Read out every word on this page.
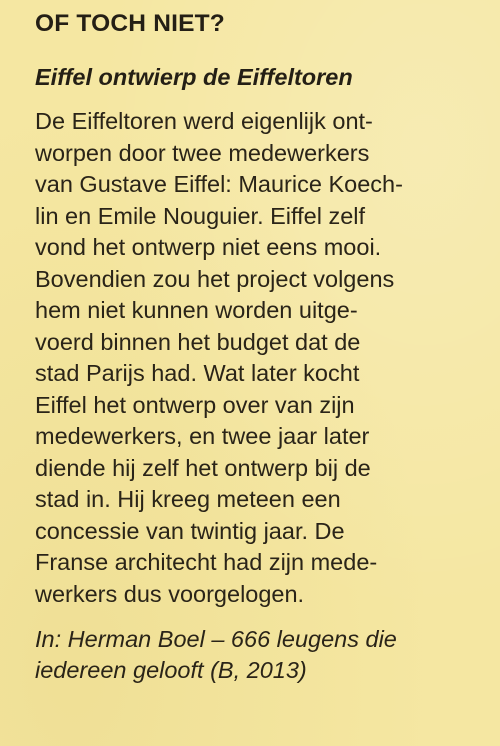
OF TOCH NIET?
Eiffel ontwierp de Eiffeltoren
De Eiffeltoren werd eigenlijk ont-
worpen door twee medewerkers
van Gustave Eiffel: Maurice Koech-
lin en Emile Nouguier. Eiffel zelf
vond het ontwerp niet eens mooi.
Bovendien zou het project volgens
hem niet kunnen worden uitge-
voerd binnen het budget dat de
stad Parijs had. Wat later kocht
Eiffel het ontwerp over van zijn
medewerkers, en twee jaar later
diende hij zelf het ontwerp bij de
stad in. Hij kreeg meteen een
concessie van twintig jaar. De
Franse architecht had zijn mede-
werkers dus voorgelogen.
In: Herman Boel – 666 leugens die
iedereen gelooft (B, 2013)
